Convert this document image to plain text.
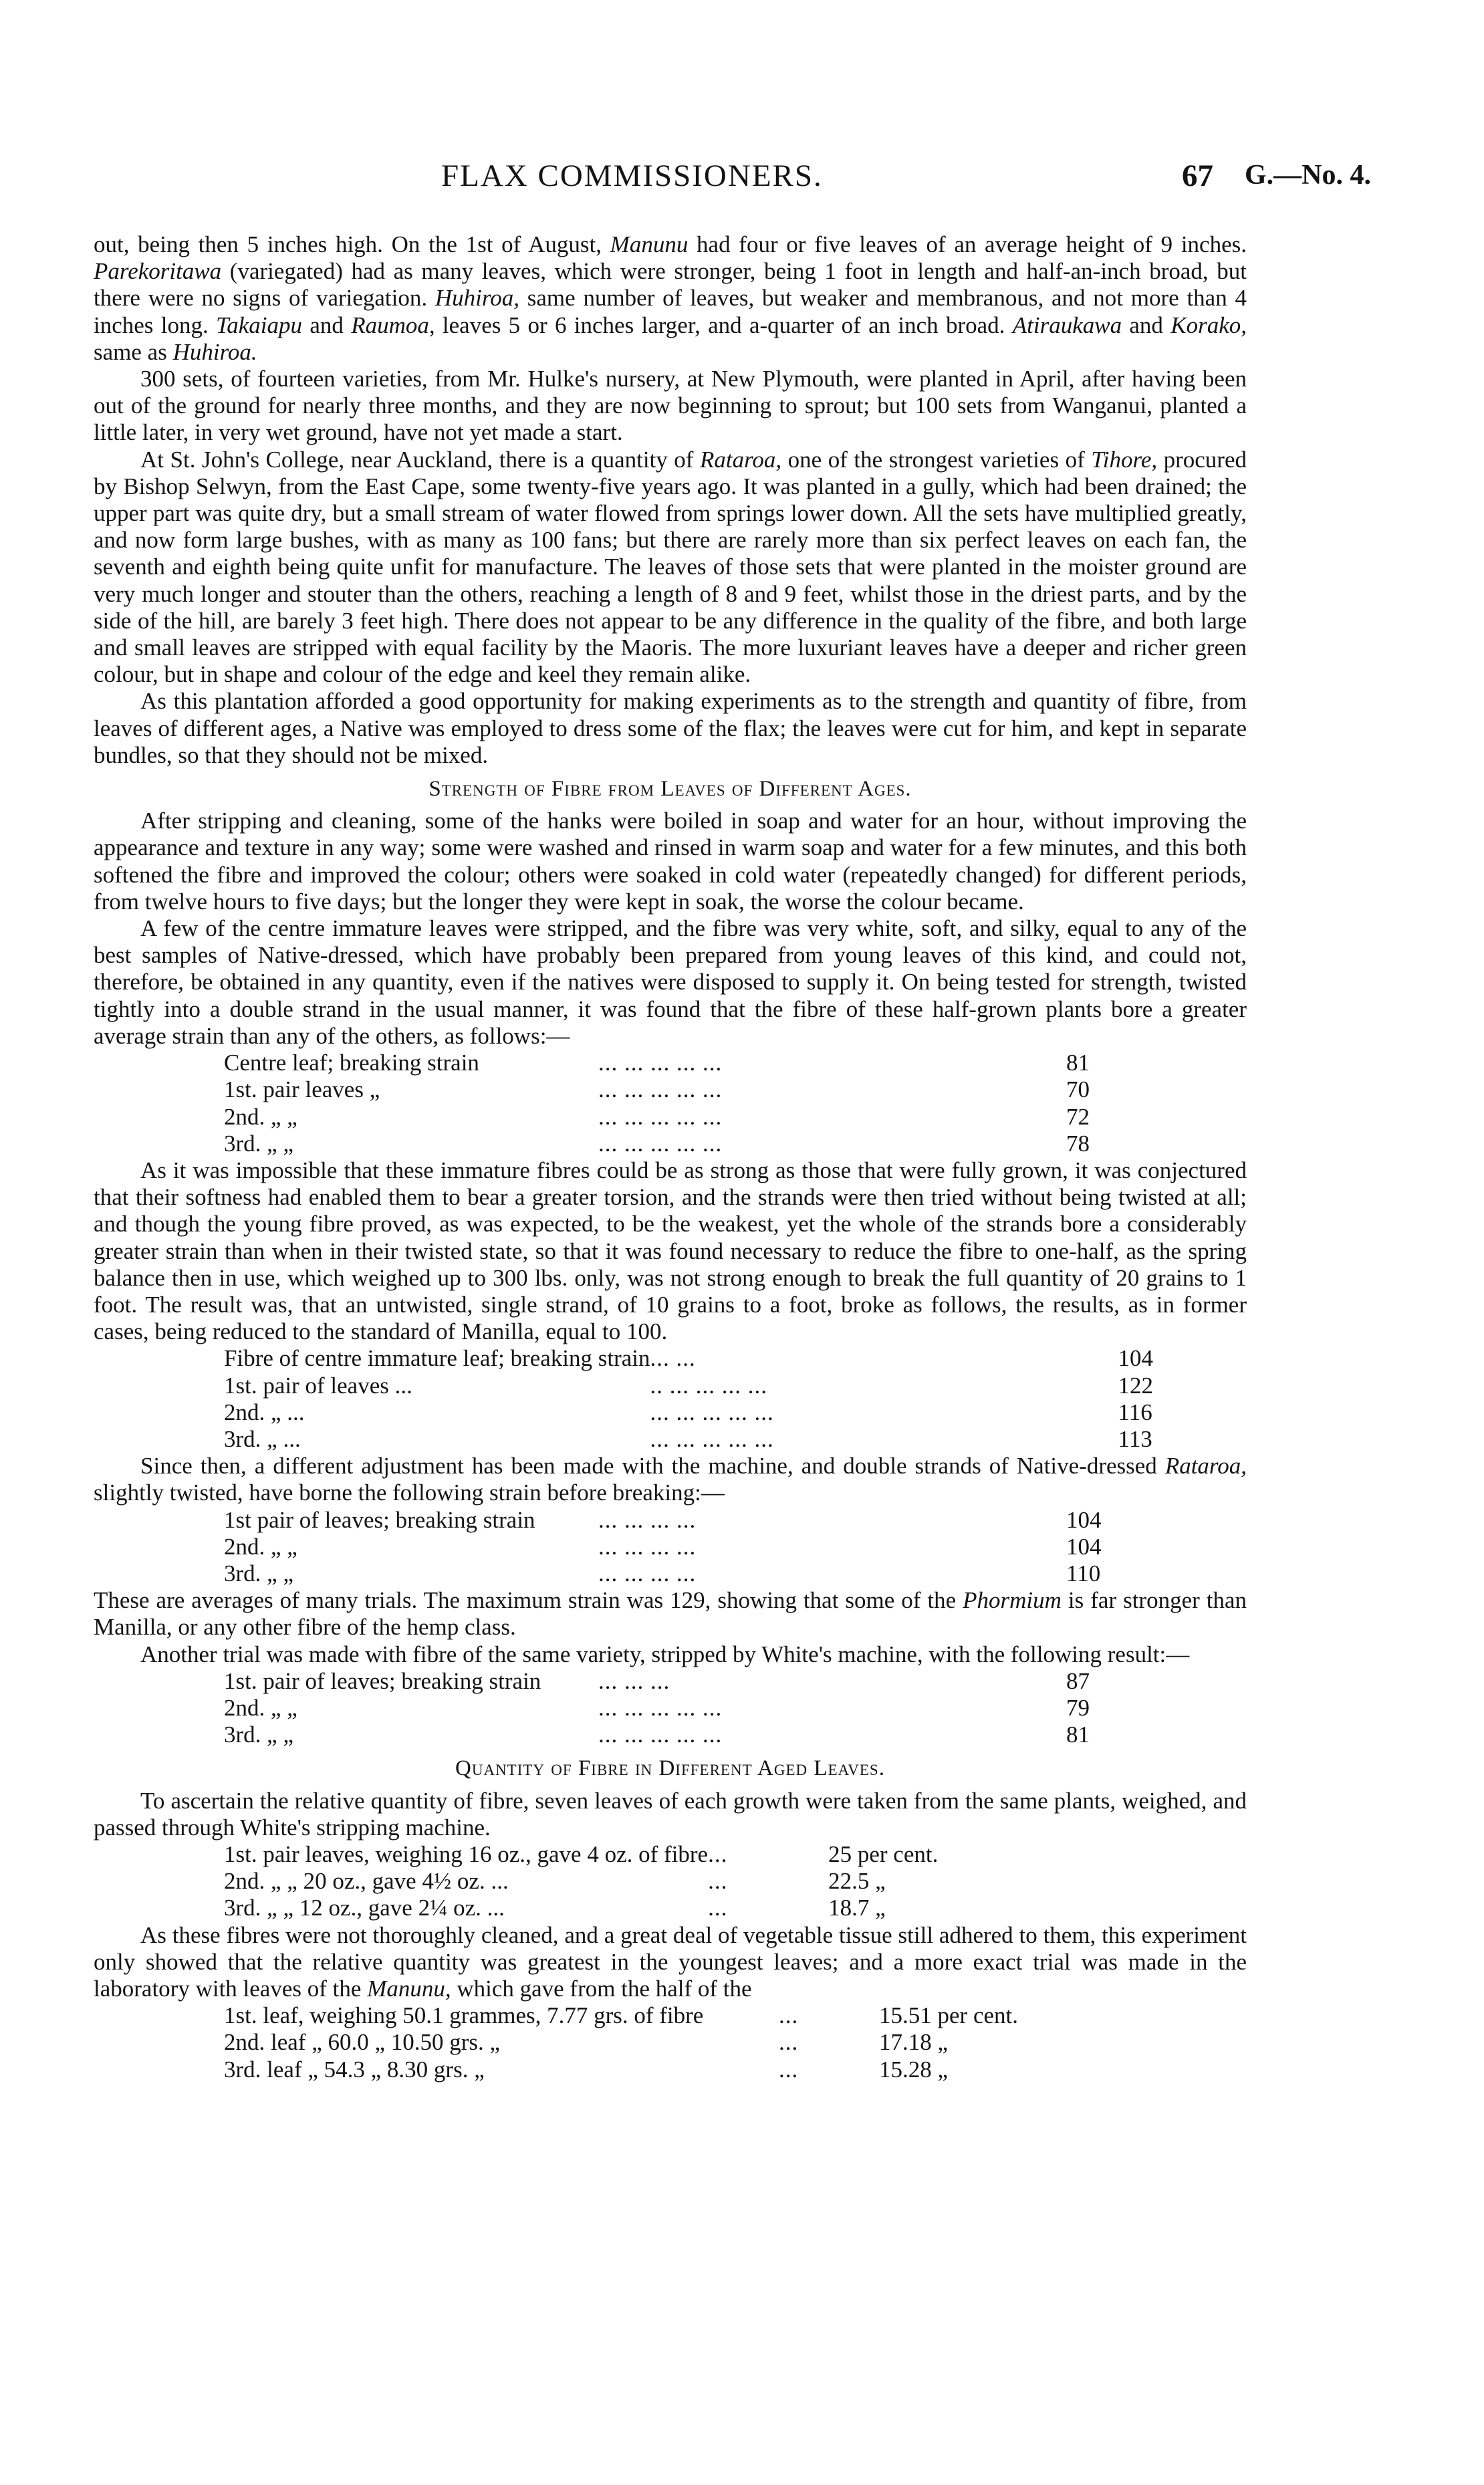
FLAX COMMISSIONERS.	67 G.—No. 4.

out, being then 5 inches high. On the 1st of August, Manunu had four or five leaves of an average height of 9 inches. Parekoritawa (variegated) had as many leaves, which were stronger, being 1 foot in length and half-an-inch broad, but there were no signs of variegation. Huhiroa, same number of leaves, but weaker and membranous, and not more than 4 inches long. Takaiapu and Raumoa, leaves 5 or 6 inches larger, and a-quarter of an inch broad. Atiraukawa and Korako, same as Huhiroa.

300 sets, of fourteen varieties, from Mr. Hulke's nursery, at New Plymouth, were planted in April, after having been out of the ground for nearly three months, and they are now beginning to sprout; but 100 sets from Wanganui, planted a little later, in very wet ground, have not yet made a start.

At St. John's College, near Auckland, there is a quantity of Rataroa, one of the strongest varieties of Tihore, procured by Bishop Selwyn, from the East Cape, some twenty-five years ago. It was planted in a gully, which had been drained; the upper part was quite dry, but a small stream of water flowed from springs lower down. All the sets have multiplied greatly, and now form large bushes, with as many as 100 fans; but there are rarely more than six perfect leaves on each fan, the seventh and eighth being quite unfit for manufacture. The leaves of those sets that were planted in the moister ground are very much longer and stouter than the others, reaching a length of 8 and 9 feet, whilst those in the driest parts, and by the side of the hill, are barely 3 feet high. There does not appear to be any difference in the quality of the fibre, and both large and small leaves are stripped with equal facility by the Maoris. The more luxuriant leaves have a deeper and richer green colour, but in shape and colour of the edge and keel they remain alike.

As this plantation afforded a good opportunity for making experiments as to the strength and quantity of fibre, from leaves of different ages, a Native was employed to dress some of the flax; the leaves were cut for him, and kept in separate bundles, so that they should not be mixed.

Strength of Fibre from Leaves of Different Ages.

After stripping and cleaning, some of the hanks were boiled in soap and water for an hour, without improving the appearance and texture in any way; some were washed and rinsed in warm soap and water for a few minutes, and this both softened the fibre and improved the colour; others were soaked in cold water (repeatedly changed) for different periods, from twelve hours to five days; but the longer they were kept in soak, the worse the colour became.

A few of the centre immature leaves were stripped, and the fibre was very white, soft, and silky, equal to any of the best samples of Native-dressed, which have probably been prepared from young leaves of this kind, and could not, therefore, be obtained in any quantity, even if the natives were disposed to supply it. On being tested for strength, twisted tightly into a double strand in the usual manner, it was found that the fibre of these half-grown plants bore a greater average strain than any of the others, as follows:—

Centre leaf; breaking strain	... ... ... ... ...	81
1st. pair leaves „	... ... ... ... ...	70
2nd. „ „	... ... ... ... ...	72
3rd. „ „	... ... ... ... ...	78

As it was impossible that these immature fibres could be as strong as those that were fully grown, it was conjectured that their softness had enabled them to bear a greater torsion, and the strands were then tried without being twisted at all; and though the young fibre proved, as was expected, to be the weakest, yet the whole of the strands bore a considerably greater strain than when in their twisted state, so that it was found necessary to reduce the fibre to one-half, as the spring balance then in use, which weighed up to 300 lbs. only, was not strong enough to break the full quantity of 20 grains to 1 foot. The result was, that an untwisted, single strand, of 10 grains to a foot, broke as follows, the results, as in former cases, being reduced to the standard of Manilla, equal to 100.

Fibre of centre immature leaf; breaking strain	... ...	104
1st. pair of leaves ...	.. ... ... ... ...	122
2nd. „ ...	... ... ... ... ...	116
3rd. „ ...	... ... ... ... ...	113

Since then, a different adjustment has been made with the machine, and double strands of Native-dressed Rataroa, slightly twisted, have borne the following strain before breaking:—

1st pair of leaves; breaking strain	... ... ... ...	104
2nd. „ „	... ... ... ...	104
3rd. „ „	... ... ... ...	110

These are averages of many trials. The maximum strain was 129, showing that some of the Phormium is far stronger than Manilla, or any other fibre of the hemp class.

Another trial was made with fibre of the same variety, stripped by White's machine, with the following result:—

1st. pair of leaves; breaking strain	... ... ...	87
2nd. „ „	... ... ... ... ...	79
3rd. „ „	... ... ... ... ...	81
Quantity of Fibre in Different Aged Leaves.

To ascertain the relative quantity of fibre, seven leaves of each growth were taken from the same plants, weighed, and passed through White's stripping machine.

1st. pair leaves, weighing 16 oz., gave 4 oz. of fibre	...	25 per cent.
2nd. „ „ 20 oz., gave 4½ oz. ...	...	22.5 „
3rd. „ „ 12 oz., gave 2¼ oz. ...	...	18.7 „

As these fibres were not thoroughly cleaned, and a great deal of vegetable tissue still adhered to them, this experiment only showed that the relative quantity was greatest in the youngest leaves; and a more exact trial was made in the laboratory with leaves of the Manunu, which gave from the half of the

1st. leaf, weighing 50.1 grammes, 7.77 grs. of fibre	...	15.51 per cent.
2nd. leaf „ 60.0 „ 10.50 grs. „	...	17.18 „
3rd. leaf „ 54.3 „ 8.30 grs. „	...	15.28 „
